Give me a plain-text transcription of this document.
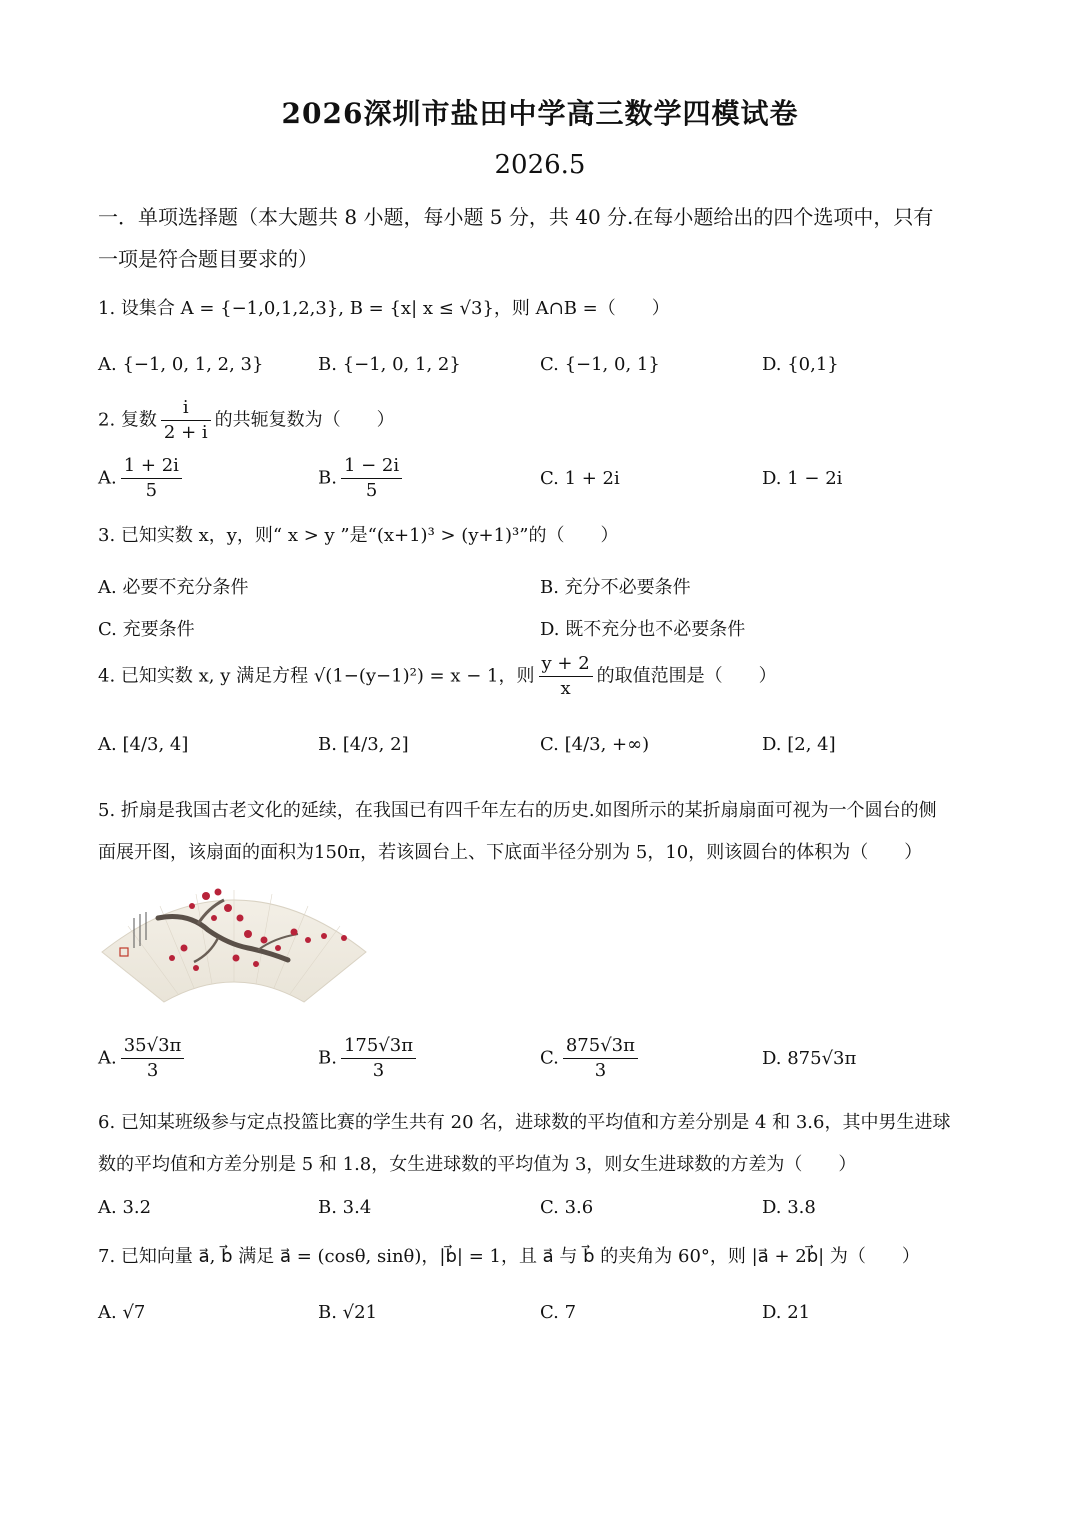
2026深圳市盐田中学高三数学四模试卷
2026.5
一．单项选择题（本大题共 8 小题，每小题 5 分，共 40 分.在每小题给出的四个选项中，只有
一项是符合题目要求的）
1. 设集合 A = {−1,0,1,2,3}, B = {x| x ≤ √3}，则 A∩B =（　　）
A. {−1, 0, 1, 2, 3}	B. {−1, 0, 1, 2}	C. {−1, 0, 1}	D. {0,1}
2. 复数 $\frac{i}{2 + i}$ 的共轭复数为（　　）
A. $\frac{1 + 2i}{5}$	B. $\frac{1 - 2i}{5}$	C. 1 + 2i	D. 1 − 2i
3. 已知实数 x，y，则“ x > y ”是“(x+1)³ > (y+1)³”的（　　）
A. 必要不充分条件	B. 充分不必要条件
C. 充要条件	D. 既不充分也不必要条件
4. 已知实数 x, y 满足方程 √(1−(y−1)²) = x − 1，则 $\frac{y + 2}{x}$ 的取值范围是（　　）
A. [4/3, 4]	B. [4/3, 2]	C. [4/3, +∞)	D. [2, 4]
5. 折扇是我国古老文化的延续，在我国已有四千年左右的历史.如图所示的某折扇扇面可视为一个圆台的侧
面展开图，该扇面的面积为150π，若该圆台上、下底面半径分别为 5，10，则该圆台的体积为（　　）
A. $\frac{35√3\pi}{3}$	B. $\frac{175√3\pi}{3}$	C. $\frac{875√3\pi}{3}$	D. 875√3π
6. 已知某班级参与定点投篮比赛的学生共有 20 名，进球数的平均值和方差分别是 4 和 3.6，其中男生进球
数的平均值和方差分别是 5 和 1.8，女生进球数的平均值为 3，则女生进球数的方差为（　　）
A. 3.2	B. 3.4	C. 3.6	D. 3.8
7. 已知向量 a⃗, b⃗ 满足 a⃗ = (cosθ, sinθ)，|b⃗| = 1，且 a⃗ 与 b⃗ 的夹角为 60°，则 |a⃗ + 2b⃗| 为（　　）
A. √7	B. √21	C. 7	D. 21
